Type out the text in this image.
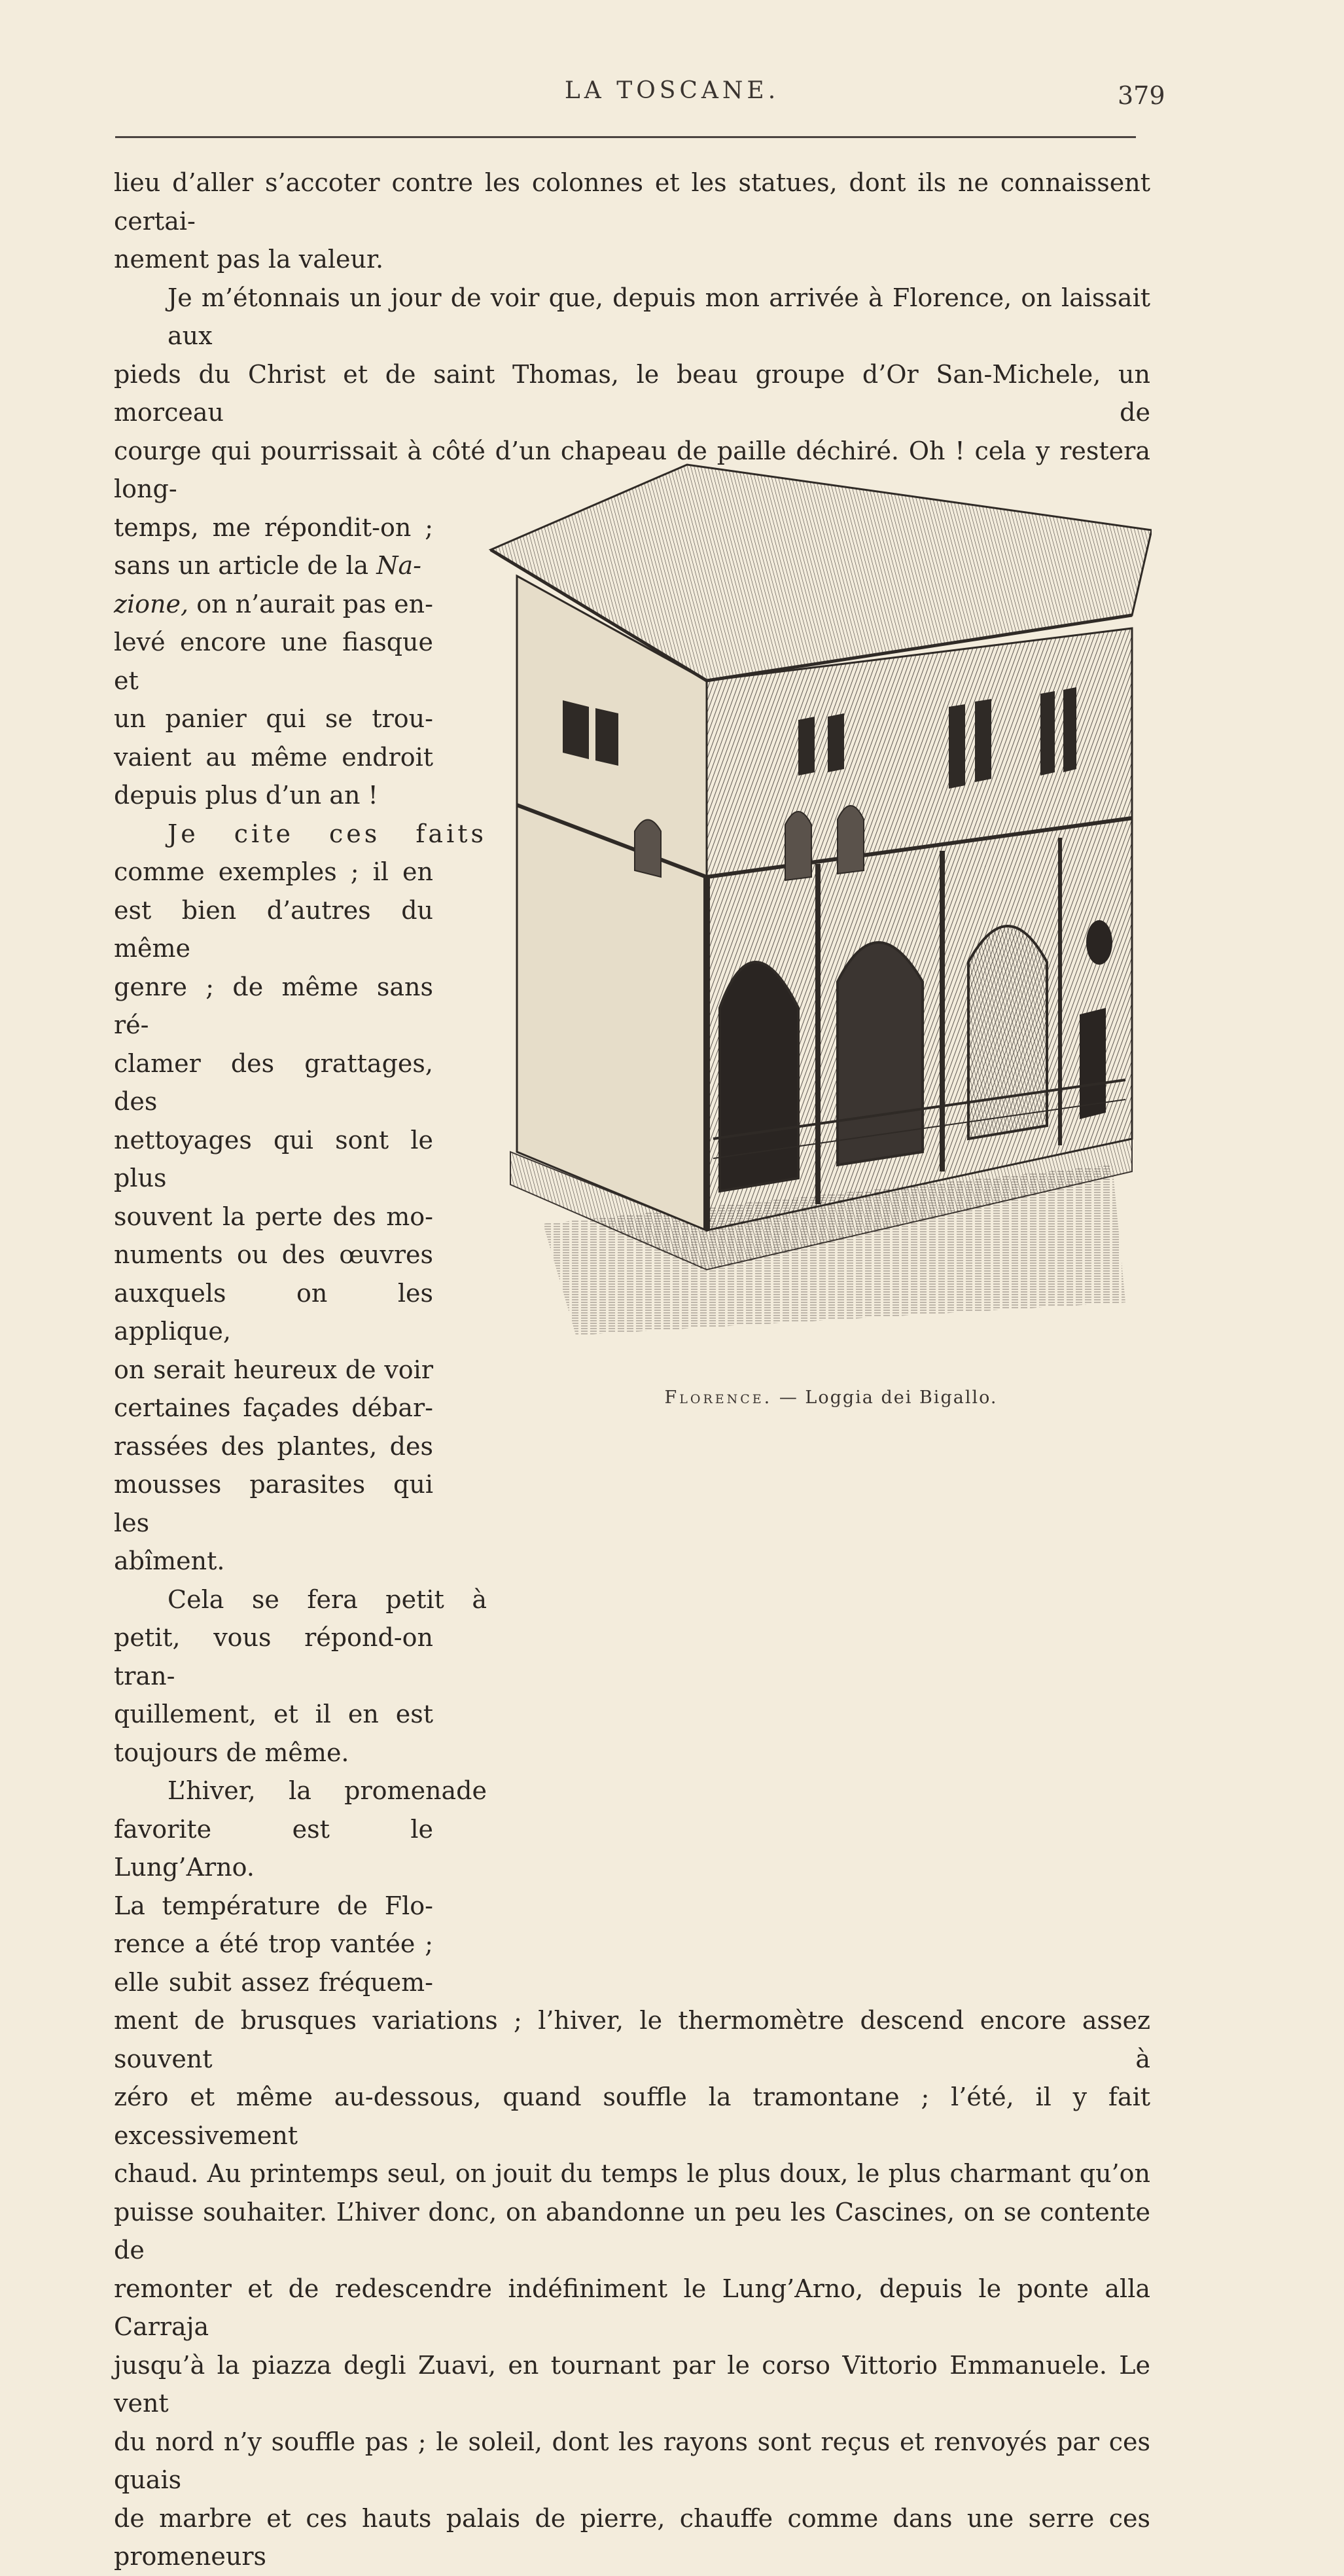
LA TOSCANE.	379
lieu d’aller s’accoter contre les colonnes et les statues, dont ils ne connaissent certai-
nement pas la valeur.
Je m’étonnais un jour de voir que, depuis mon arrivée à Florence, on laissait aux
pieds du Christ et de saint Thomas, le beau groupe d’Or San-Michele, un morceau de
courge qui pourrissait à côté d’un chapeau de paille déchiré. Oh ! cela y restera long-
temps, me répondit-on ;
sans un article de la Na-
zione, on n’aurait pas en-
levé encore une fiasque et
un panier qui se trou-
vaient au même endroit
depuis plus d’un an !
Je cite ces faits
comme exemples ; il en
est bien d’autres du même
genre ; de même sans ré-
clamer des grattages, des
nettoyages qui sont le plus
souvent la perte des mo-
numents ou des œuvres
auxquels on les applique,
on serait heureux de voir
certaines façades débar-
rassées des plantes, des
mousses parasites qui les
abîment.
Cela se fera petit à
petit, vous répond-on tran-
quillement, et il en est
toujours de même.
L’hiver, la promenade
favorite est le Lung’Arno.
La température de Flo-
rence a été trop vantée ;
elle subit assez fréquem-
ment de brusques variations ; l’hiver, le thermomètre descend encore assez souvent à
zéro et même au-dessous, quand souffle la tramontane ; l’été, il y fait excessivement
chaud. Au printemps seul, on jouit du temps le plus doux, le plus charmant qu’on
puisse souhaiter. L’hiver donc, on abandonne un peu les Cascines, on se contente de
remonter et de redescendre indéfiniment le Lung’Arno, depuis le ponte alla Carraja
jusqu’à la piazza degli Zuavi, en tournant par le corso Vittorio Emmanuele. Le vent
du nord n’y souffle pas ; le soleil, dont les rayons sont reçus et renvoyés par ces quais
de marbre et ces hauts palais de pierre, chauffe comme dans une serre ces promeneurs
Florence. — Loggia dei Bigallo.
